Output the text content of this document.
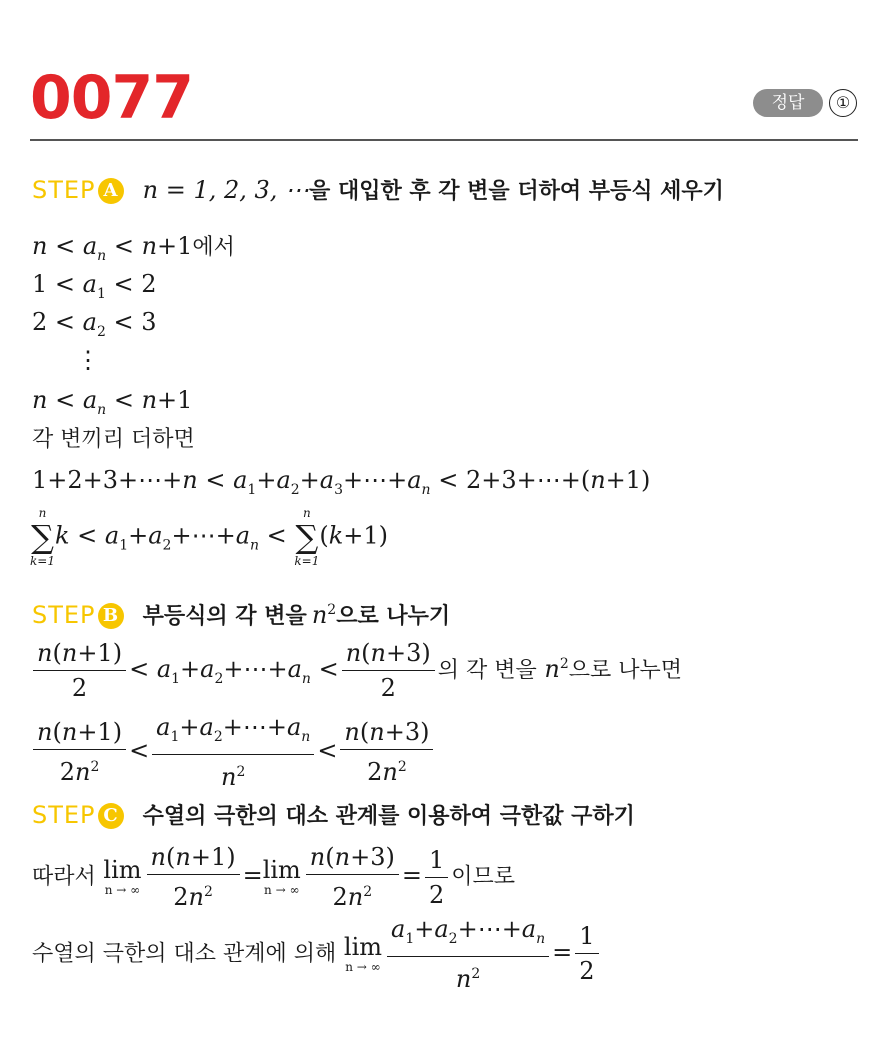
0077	정답	①
STEP A n = 1, 2, 3, ⋯을 대입한 후 각 변을 더하여 부등식 세우기
$n < a_n < n+1$에서
$1 < a_1 < 2$
$2 < a_2 < 3$
⋮
$n < a_n < n+1$
각 변끼리 더하면
1+2+3+⋯+n < $a_1+a_2+a_3+\cdots+a_n$ < 2+3+⋯+(n+1)
n
∑
k=1
$k < a_1+a_2+\cdots+a_n$ <
n
∑
k=1
(k+1)
STEP B 부등식의 각 변을 $n^2$으로 나누기
$\frac{n(n+1)}{2}$ < $a_1+a_2+\cdots+a_n < \frac{n(n+3)}{2}$ 의 각 변을 $n^2$으로 나누면
$\frac{n(n+1)}{2n^2} < \frac{a_1+a_2+\cdots+a_n}{n^2} < \frac{n(n+3)}{2n^2}$
STEP C 수열의 극한의 대소 관계를 이용하여 극한값 구하기
따라서 lim
n → ∞ $\frac{n(n+1)}{2n^2} =\lim$
n → ∞ $\frac{n(n+3)}{2n^2} = \frac{1}{2}$ 이므로
수열의 극한의 대소 관계에 의해 lim
n → ∞ $\frac{a_1+a_2+\cdots+a_n}{n^2} = \frac{1}{2}$
